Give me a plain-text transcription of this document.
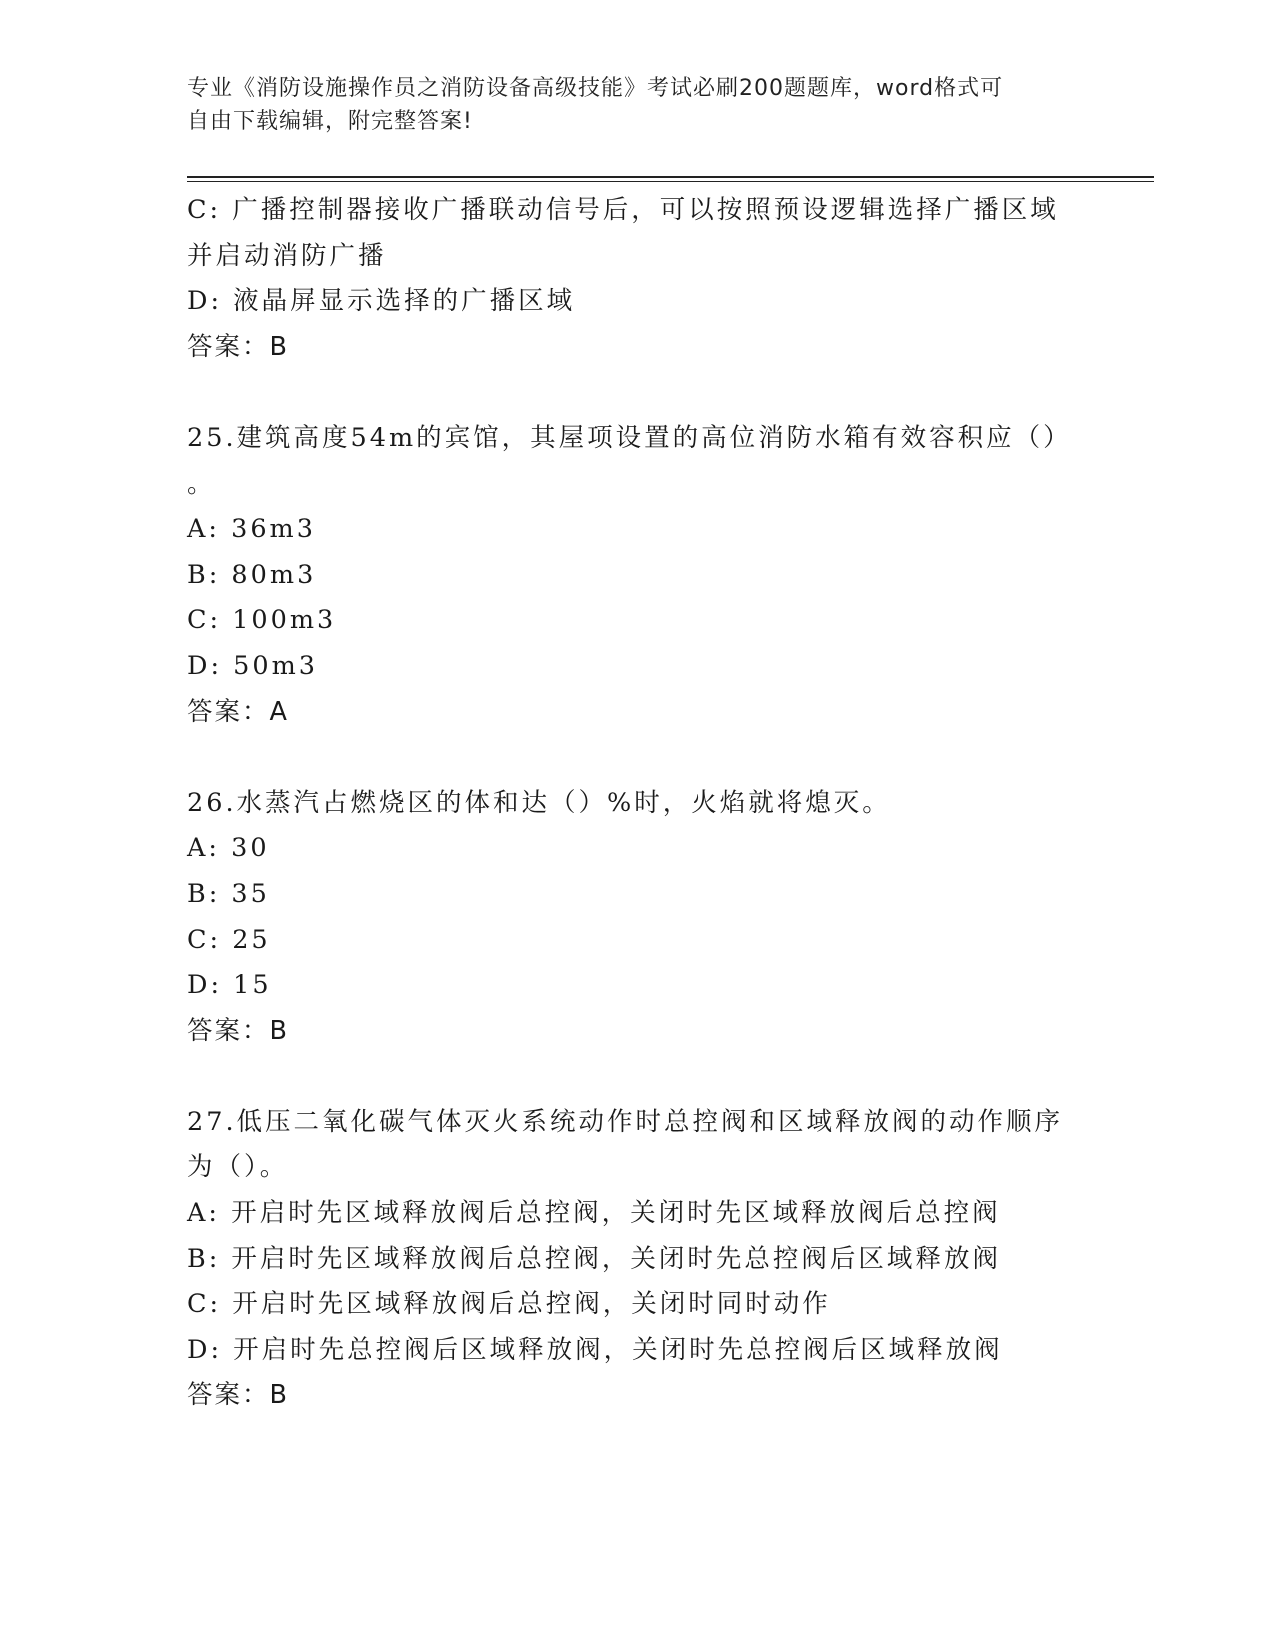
专业《消防设施操作员之消防设备高级技能》考试必刷200题题库，word格式可
自由下载编辑，附完整答案!

C: 广播控制器接收广播联动信号后，可以按照预设逻辑选择广播区域

并启动消防广播

D: 液晶屏显示选择的广播区域

答案：B

25.建筑高度54m的宾馆，其屋项设置的高位消防水箱有效容积应（）

。

A: 36m3

B: 80m3

C: 100m3

D: 50m3

答案：A

26.水蒸汽占燃烧区的体和达（）%时，火焰就将熄灭。

A: 30

B: 35

C: 25

D: 15

答案：B

27.低压二氧化碳气体灭火系统动作时总控阀和区域释放阀的动作顺序

为（）。

A: 开启时先区域释放阀后总控阀，关闭时先区域释放阀后总控阀

B: 开启时先区域释放阀后总控阀，关闭时先总控阀后区域释放阀

C: 开启时先区域释放阀后总控阀，关闭时同时动作

D: 开启时先总控阀后区域释放阀，关闭时先总控阀后区域释放阀

答案：B
